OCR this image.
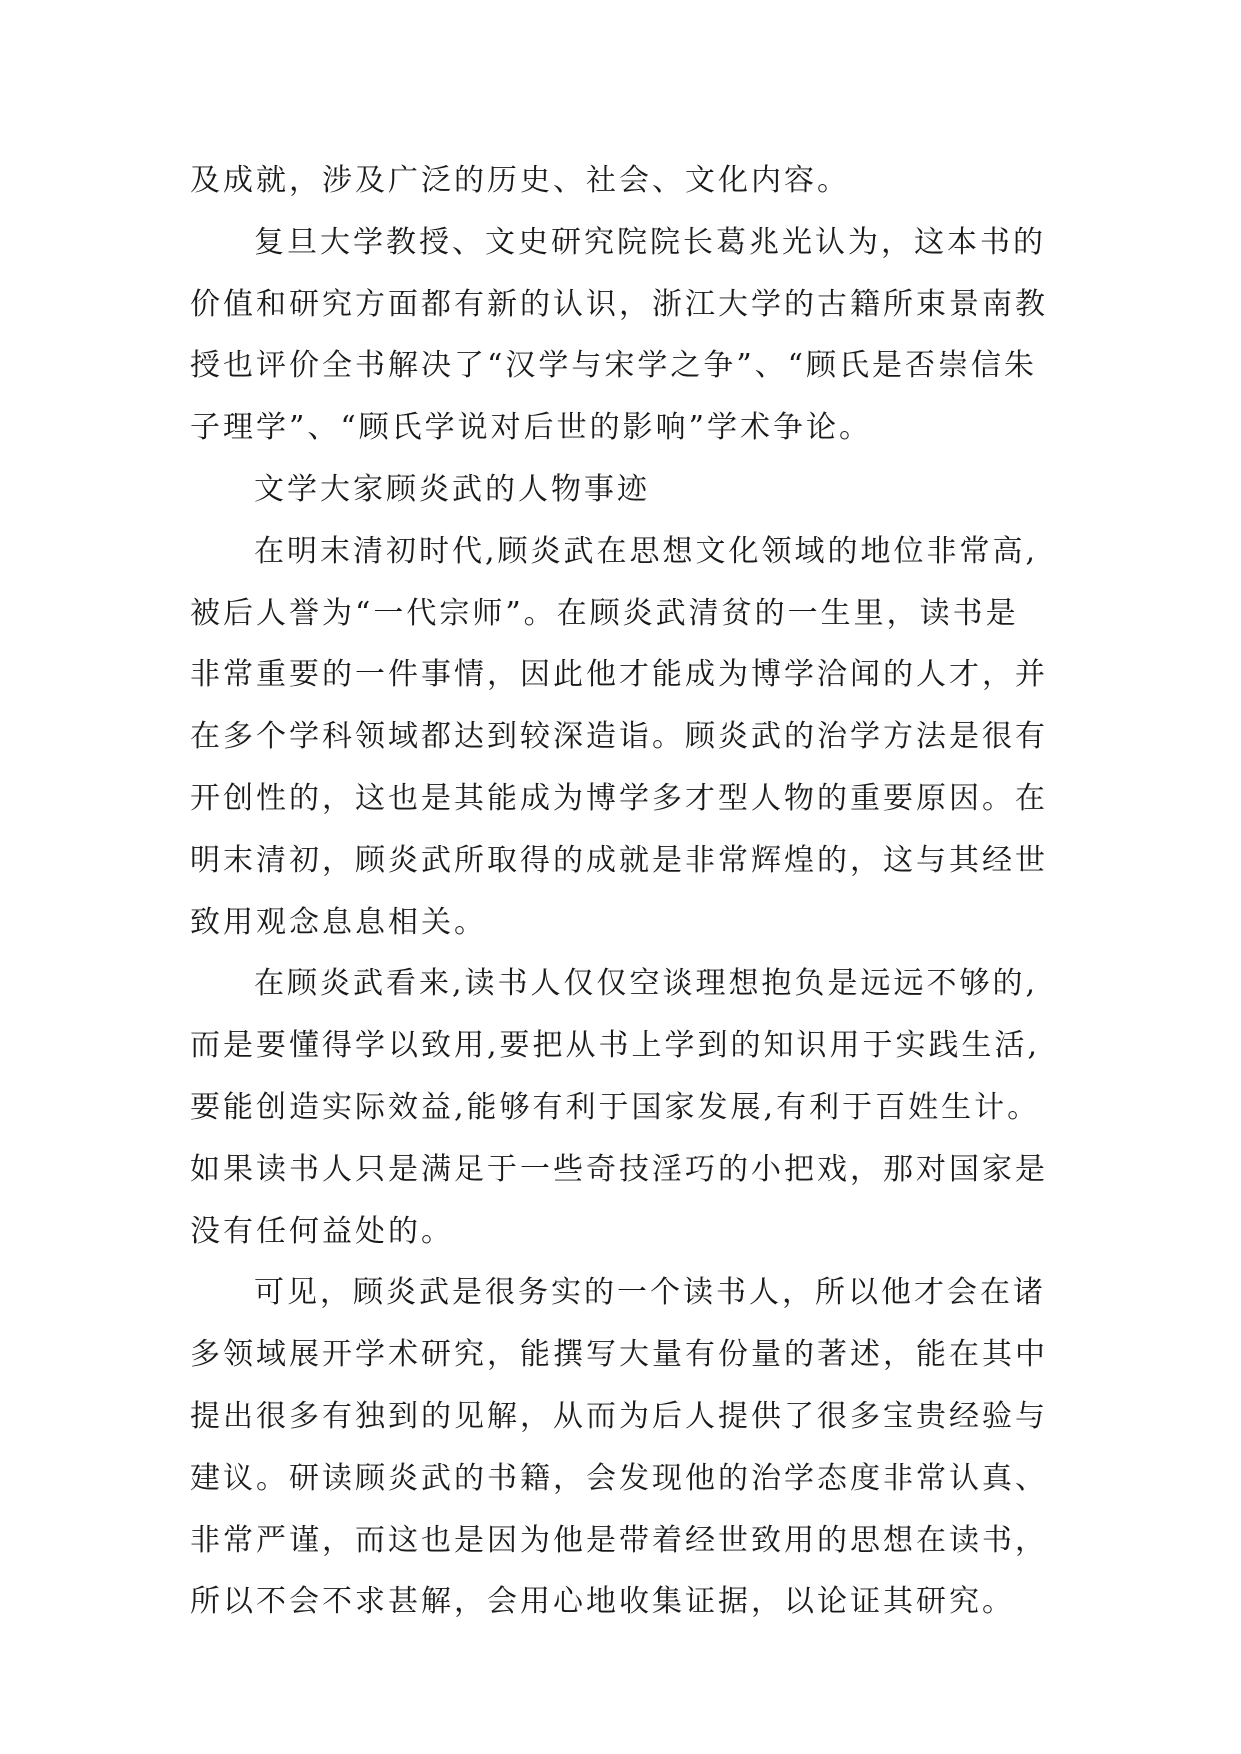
及成就，涉及广泛的历史、社会、文化内容。
复旦大学教授、文史研究院院长葛兆光认为，这本书的
价值和研究方面都有新的认识，浙江大学的古籍所束景南教
授也评价全书解决了“汉学与宋学之争”、“顾氏是否崇信朱
子理学”、“顾氏学说对后世的影响”学术争论。
文学大家顾炎武的人物事迹
在明末清初时代,顾炎武在思想文化领域的地位非常高,
被后人誉为“一代宗师”。在顾炎武清贫的一生里，读书是
非常重要的一件事情，因此他才能成为博学洽闻的人才，并
在多个学科领域都达到较深造诣。顾炎武的治学方法是很有
开创性的，这也是其能成为博学多才型人物的重要原因。在
明末清初，顾炎武所取得的成就是非常辉煌的，这与其经世
致用观念息息相关。
在顾炎武看来,读书人仅仅空谈理想抱负是远远不够的,
而是要懂得学以致用,要把从书上学到的知识用于实践生活,
要能创造实际效益,能够有利于国家发展,有利于百姓生计。
如果读书人只是满足于一些奇技淫巧的小把戏，那对国家是
没有任何益处的。
可见，顾炎武是很务实的一个读书人，所以他才会在诸
多领域展开学术研究，能撰写大量有份量的著述，能在其中
提出很多有独到的见解，从而为后人提供了很多宝贵经验与
建议。研读顾炎武的书籍，会发现他的治学态度非常认真、
非常严谨，而这也是因为他是带着经世致用的思想在读书，
所以不会不求甚解，会用心地收集证据，以论证其研究。
